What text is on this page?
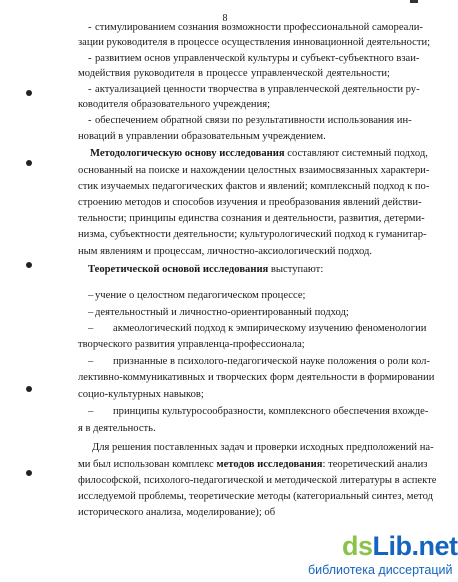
8
- стимулированием сознания возможности профессиональной самореали-
зации руководителя в процессе осуществления инновационной деятельности;
- развитием основ управленческой культуры и субъект-субъектного взаи-
модействия руководителя в процессе управленческой деятельности;
- актуализацией ценности творчества в управленческой деятельности ру-
ководителя образовательного учреждения;
- обеспечением обратной связи по результативности использования ин-
новаций в управлении образовательным учреждением.
Методологическую основу исследования составляют системный подход,
основанный на поиске и нахождении целостных взаимосвязанных характери-
стик изучаемых педагогических фактов и явлений; комплексный подход к по-
строению методов и способов изучения и преобразования явлений действи-
тельности; принципы единства сознания и деятельности, развития, детерми-
низма, субъектности деятельности; культурологический подход к гуманитар-
ным явлениям и процессам, личностно-аксиологический подход.
Теоретической основой исследования выступают:
– учение о целостном педагогическом процессе;
– деятельностный и личностно-ориентированный подход;
– акмеологический подход к эмпирическому изучению феноменологии
творческого развития управленца-профессионала;
– признанные в психолого-педагогической науке положения о роли кол-
лективно-коммуникативных и творческих форм деятельности в формировании
социо-культурных навыков;
– принципы культуросообразности, комплексного обеспечения вхожде-
я в деятельность.
Для решения поставленных задач и проверки исходных предположений на-
ми был использован комплекс методов исследования: теоретический анализ
философской, психолого-педагогической и методической литературы в аспекте
исследуемой проблемы, теоретические методы (категориальный синтез, метод
исторического анализа, моделирование); об
dsLib.net
библиотека диссертаций
